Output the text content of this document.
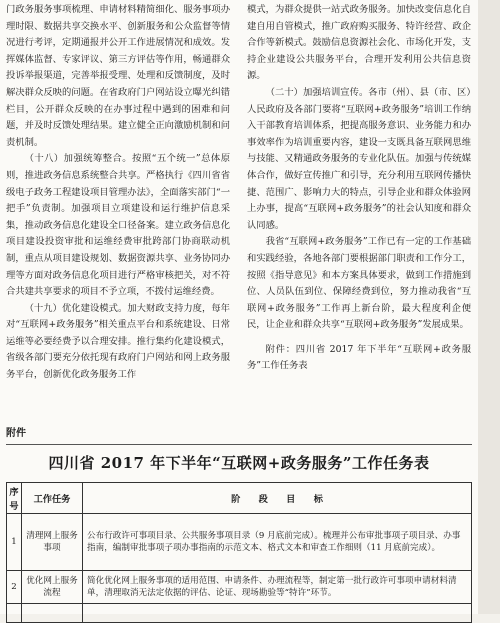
门政务服务事项梳理、申请材料精简细化、服务事项办理时限、数据共享交换水平、创新服务和公众监督等情况进行考评，定期通报并公开工作进展情况和成效。发挥媒体监督、专家评议、第三方评估等作用，畅通群众投诉举报渠道，完善举报受理、处理和反馈制度，及时解决群众反映的问题。在省政府门户网站设立曝光纠错栏目，公开群众反映的在办事过程中遇到的困难和问题，并及时反馈处理结果。建立健全正向激励机制和问责机制。

（十八）加强统筹整合。按照“五个统一”总体原则，推进政务信息系统整合共享。严格执行《四川省省级电子政务工程建设项目管理办法》，全面落实部门“一把手”负责制。加强项目立项建设和运行维护信息采集，推动政务信息化建设全口径备案。建立政务信息化项目建设投资审批和运维经费审批跨部门协商联动机制，重点从项目建设规划、数据资源共享、业务协同办理等方面对政务信息化项目进行严格审核把关，对不符合共建共享要求的项目不予立项，不拨付运维经费。

（十九）优化建设模式。加大财政支持力度，每年对“互联网+政务服务”相关重点平台和系统建设、日常运维等必要经费予以合理安排。推行集约化建设模式，省级各部门要充分依托现有政府门户网站和网上政务服务平台，创新优化政务服务工作

模式，为群众提供一站式政务服务。加快改变信息化自建自用自管模式，推广政府购买服务、特许经营、政企合作等新模式。鼓励信息资源社会化、市场化开发，支持企业建设公共服务平台，合理开发利用公共信息资源。

（二十）加强培训宣传。各市（州）、县（市、区）人民政府及各部门要将“互联网+政务服务”培训工作纳入干部教育培训体系，把提高服务意识、业务能力和办事效率作为培训重要内容，建设一支既具备互联网思维与技能、又精通政务服务的专业化队伍。加强与传统媒体合作，做好宣传推广和引导，充分利用互联网传播快捷、范围广、影响力大的特点，引导企业和群众体验网上办事，提高“互联网+政务服务”的社会认知度和群众认同感。

我省“互联网+政务服务”工作已有一定的工作基础和实践经验，各地各部门要根据部门职责和工作分工，按照《指导意见》和本方案具体要求，做到工作措施到位、人员队伍到位、保障经费到位，努力推动我省“互联网+政务服务”工作再上新台阶，最大程度利企便民，让企业和群众共享“互联网+政务服务”发展成果。

附件：四川省 2017 年下半年“互联网+政务服务”工作任务表

附件
四川省 2017 年下半年“互联网+政务服务”工作任务表
序号	工作任务	阶　　段　　目　　标
1	清理网上服务事项	公布行政许可事项目录、公共服务事项目录（9 月底前完成）。梳理并公布审批事项子项目录、办事指南，编制审批事项子项办事指南的示范文本、格式文本和审查工作细则（11 月底前完成）。
2	优化网上服务流程	简化优化网上服务事项的适用范围、申请条件、办理流程等，制定第一批行政许可事项申请材料清单，清理取消无法定依据的评估、论证、现场勘验等“特许”环节。
